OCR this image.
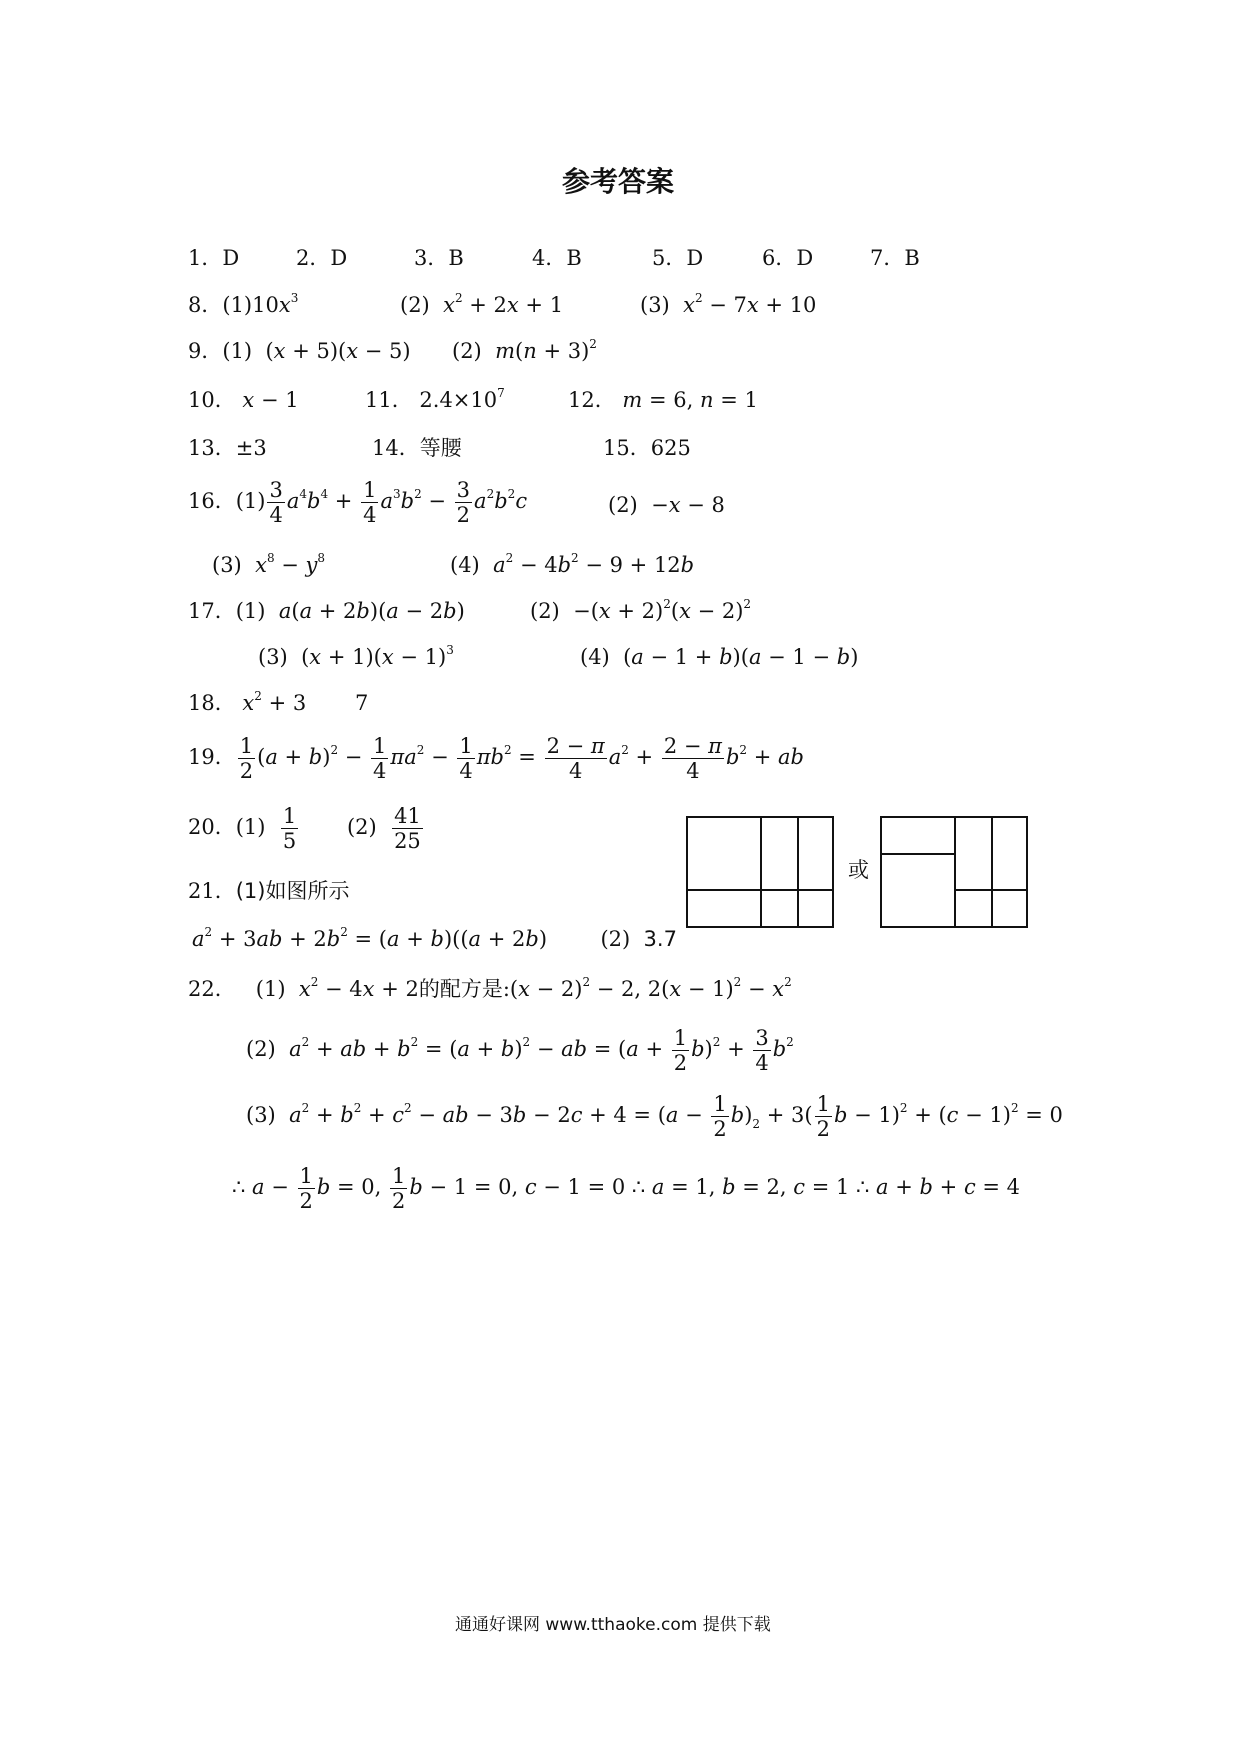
参考答案
1．D	2．D	3．B	4．B	5．D	6．D	7．B
8．$(1)10x^3$	(2) $x^2 + 2x + 1$	(3) $x^2 - 7x + 10$
9．(1)  (x + 5)(x − 5) (2) $m(n + 3)^2$
10． x − 1	11． $2.4\times 10^7$	12． m = 6, n = 1
13．±3	14．等腰	15．625
16．$(1) \frac{3}{4} a^4b^4 + \frac{1}{4} a^3b^2 - \frac{3}{2} a^2b^2c$	(2)  −x − 8
(3) $x^8 - y^8$	(4) $a^2 - 4b^2 - 9 + 12b$
17．(1) a(a + 2b)(a − 2b)	$(2) -(x + 2)^2(x - 2)^2$
(3)  $(x + 1)(x - 1)^3$	(4)  (a − 1 + b)(a − 1 − b)
18． $x^2 + 3$ 7
19． $\frac{1}{2} (a + b)^2 - \frac{1}{4} \pi a^2 - \frac{1}{4} \pi b^2 = \frac{2 - \pi}{4} a^2 + \frac{2 - \pi}{4} b^2$ + ab
20．$(1) \frac{1}{5} (2) \frac{41}{25}$
21．(1)如图所示
$a^2 + 3ab + 2b^2 = (a + b)((a + 2b)$        (2) 3.7
或
22． (1) $x^2 - 4x + 2$的配方是:(x − 2)$^2$ − 2, $2(x - 1)^2 - x^2$
(2) $a^2$ + ab + $b^2 = (a + b)^2$ − ab = $(a + \frac{1}{2} b)^2 + \frac{3}{4} b^2$
(3) $a^2 + b^2 + c^2$ − ab − $3b - 2c + 4 = (a - \frac{1}{2} b)_2 + 3( \frac{1}{2}$ $b - 1)^2 + (c - 1)^2 = 0$
∴ $a - \frac{1}{2}$ b = 0, $\frac{1}{2}$ b − 1 = 0, c − 1 = 0 ∴ a = 1, b = 2, c = 1 ∴ a + b + c = 4
通通好课网 www.tthaoke.com 提供下载
